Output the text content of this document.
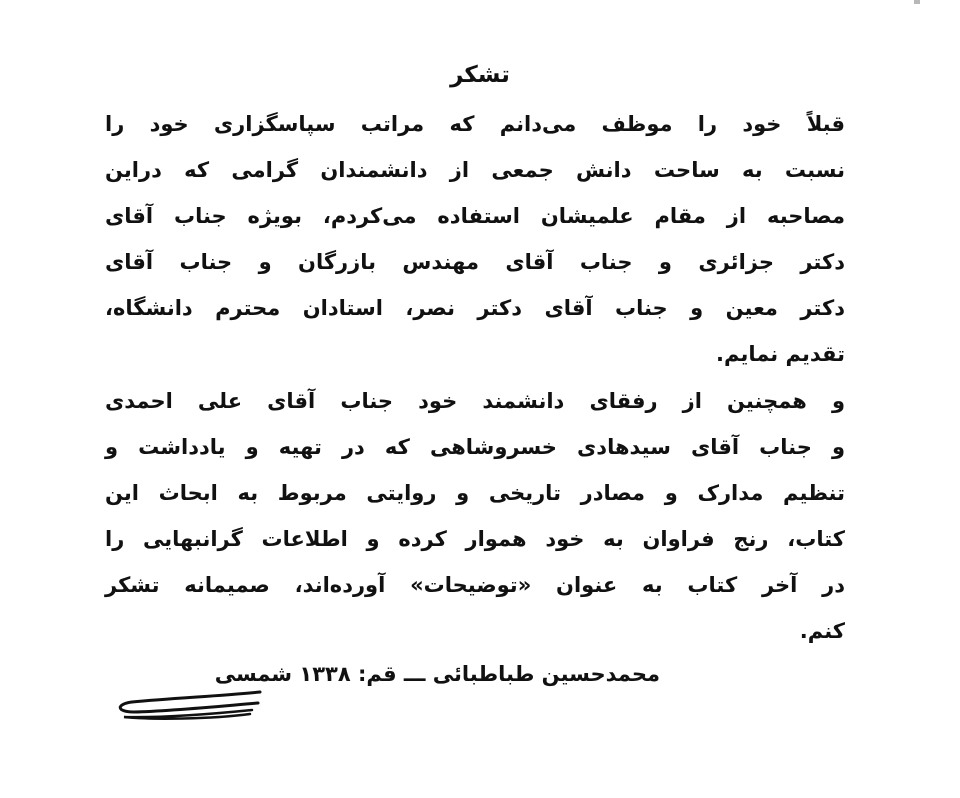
تشکر
قبلاً خود را موظف می‌دانم که مراتب سپاسگزاری خود را
نسبت به ساحت دانش جمعی از دانشمندان گرامی که دراین
مصاحبه از مقام علمیشان استفاده می‌کردم، بویژه جناب آقای
دکتر جزائری و جناب آقای مهندس بازرگان و جناب آقای
دکتر معین و جناب آقای دکتر نصر، استادان محترم دانشگاه،
تقدیم نمایم.
و همچنین از رفقای دانشمند خود جناب آقای علی احمدی
و جناب آقای سیدهادی خسروشاهی که در تهیه و یادداشت و
تنظیم مدارک و مصادر تاریخی و روایتی مربوط به ابحاث این
کتاب، رنج فراوان به خود هموار کرده و اطلاعات گرانبهایی را
در آخر کتاب به عنوان «توضیحات» آورده‌اند، صمیمانه تشکر
کنم.
محمدحسین طباطبائی ـــ قم: ۱۳۳۸ شمسی
